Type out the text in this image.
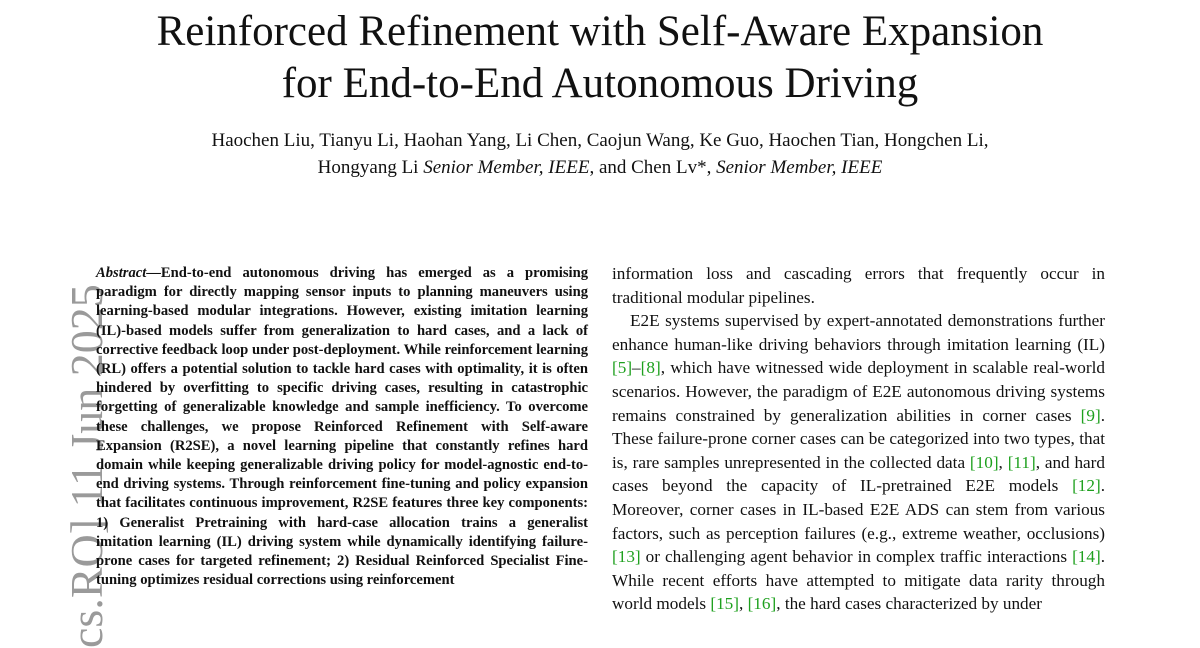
Reinforced Refinement with Self-Aware Expansion
for End-to-End Autonomous Driving
Haochen Liu, Tianyu Li, Haohan Yang, Li Chen, Caojun Wang, Ke Guo, Haochen Tian, Hongchen Li,
Hongyang Li Senior Member, IEEE, and Chen Lv*, Senior Member, IEEE
cs.RO] 11 Jun 2025

Abstract—End-to-end autonomous driving has emerged as a promising paradigm for directly mapping sensor inputs to planning maneuvers using learning-based modular integrations. However, existing imitation learning (IL)-based models suffer from generalization to hard cases, and a lack of corrective feedback loop under post-deployment. While reinforcement learning (RL) offers a potential solution to tackle hard cases with optimality, it is often hindered by overfitting to specific driving cases, resulting in catastrophic forgetting of generalizable knowledge and sample inefficiency. To overcome these challenges, we propose Reinforced Refinement with Self-aware Expansion (R2SE), a novel learning pipeline that constantly refines hard domain while keeping generalizable driving policy for model-agnostic end-to-end driving systems. Through reinforcement fine-tuning and policy expansion that facilitates continuous improvement, R2SE features three key components: 1) Generalist Pretraining with hard-case allocation trains a generalist imitation learning (IL) driving system while dynamically identifying failure-prone cases for targeted refinement; 2) Residual Reinforced Specialist Fine-tuning optimizes residual corrections using reinforcement

information loss and cascading errors that frequently occur in traditional modular pipelines.

E2E systems supervised by expert-annotated demonstrations further enhance human-like driving behaviors through imitation learning (IL) [5]–[8], which have witnessed wide deployment in scalable real-world scenarios. However, the paradigm of E2E autonomous driving systems remains constrained by generalization abilities in corner cases [9]. These failure-prone corner cases can be categorized into two types, that is, rare samples unrepresented in the collected data [10], [11], and hard cases beyond the capacity of IL-pretrained E2E models [12]. Moreover, corner cases in IL-based E2E ADS can stem from various factors, such as perception failures (e.g., extreme weather, occlusions) [13] or challenging agent behavior in complex traffic interactions [14]. While recent efforts have attempted to mitigate data rarity through world models [15], [16], the hard cases characterized by under
